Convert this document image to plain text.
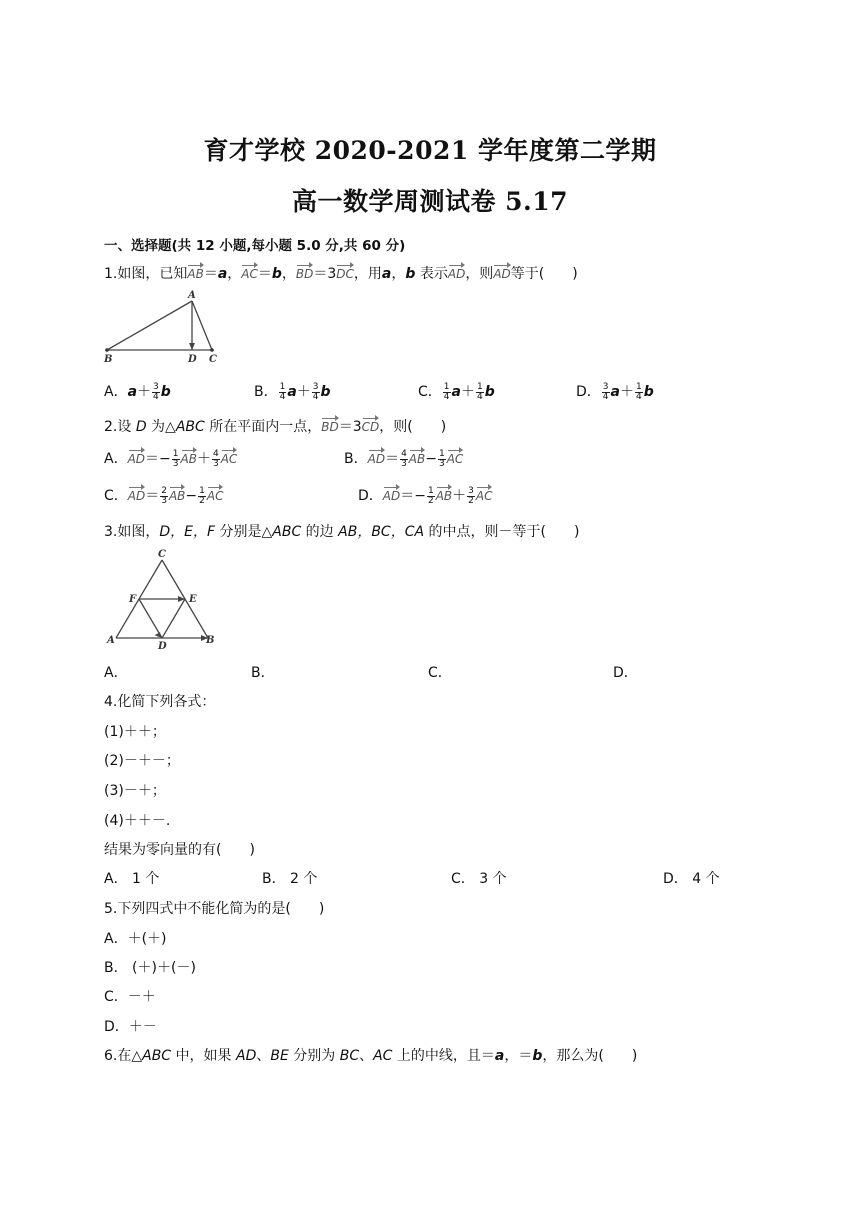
育才学校 2020-2021 学年度第二学期
高一数学周测试卷 5.17
一、选择题(共 12 小题,每小题 5.0 分,共 60 分)
1.如图，已知AB＝a，AC＝b，BD＝3DC，用a，b 表示AD，则AD等于(　　)
A
B	D C
A．$a+ \frac{3}{4}$ b	B． $\frac{1}{4} a+ \frac{3}{4}$ b	C． $\frac{1}{4} a+ \frac{1}{4}$ b	D． $\frac{3}{4} a+ \frac{1}{4}$ b
2.设 D 为△ABC 所在平面内一点，BD＝3CD，则(　　)
A．$AD=- \frac{1}{3} AB+ \frac{4}{3}$ AC	B．$AD= \frac{4}{3} AB- \frac{1}{3}$ AC
C．$AD= \frac{2}{3} AB- \frac{1}{2}$ AC	D．$AD=- \frac{1}{2} AB+ \frac{3}{2}$ AC
3.如图，D，E，F 分别是△ABC 的边 AB，BC，CA 的中点，则－等于(　　)
C
F	E
A
D
B
A．	B．	C．	D．
4.化简下列各式：
(1)＋＋；
(2)－＋－；
(3)－＋；
(4)＋＋－.
结果为零向量的有(　　)
A． 1 个	B． 2 个	C． 3 个	D． 4 个
5.下列四式中不能化简为的是(　　)
A．＋(＋)
B． (＋)＋(－)
C．－＋
D．＋－
6.在△ABC 中，如果 AD、BE 分别为 BC、AC 上的中线，且＝a，＝b，那么为(　　)
